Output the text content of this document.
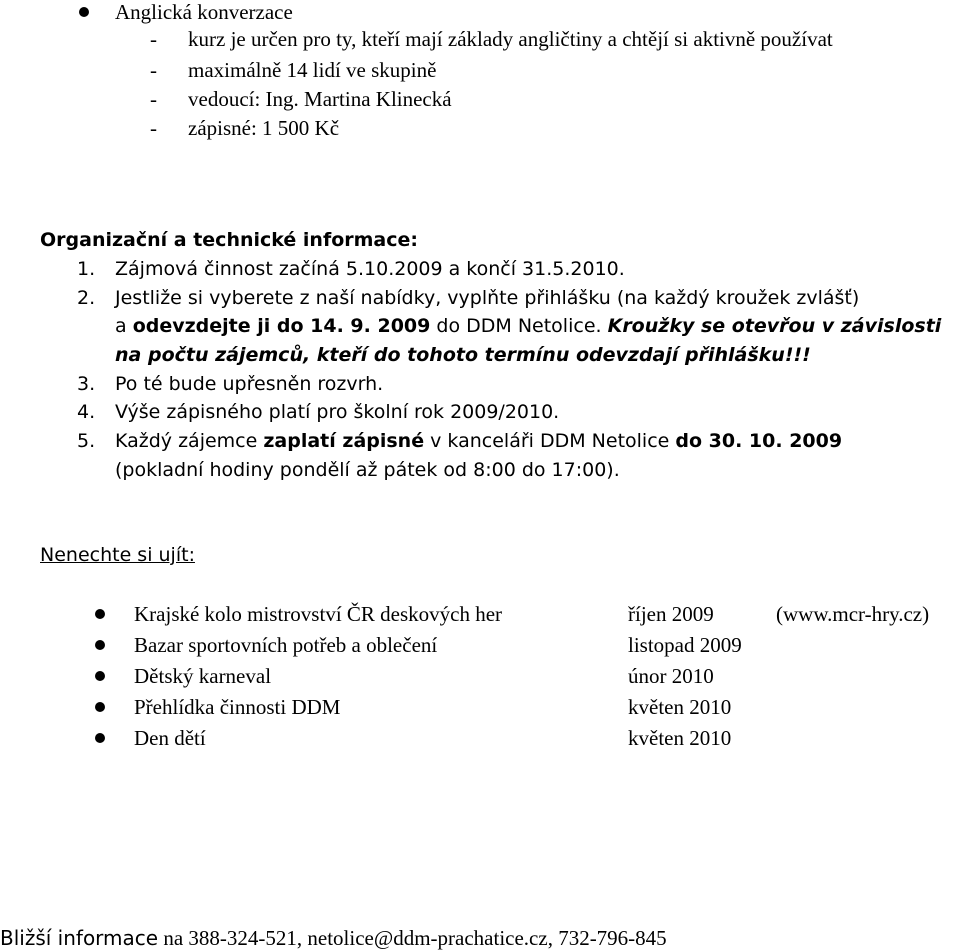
Anglická konverzace
- kurz je určen pro ty, kteří mají základy angličtiny a chtějí si aktivně používat
- maximálně 14 lidí ve skupině
- vedoucí: Ing. Martina Klinecká
- zápisné: 1 500 Kč
Organizační a technické informace:
1. Zájmová činnost začíná 5.10.2009 a končí 31.5.2010.
2. Jestliže si vyberete z naší nabídky, vyplňte přihlášku (na každý kroužek zvlášť)
a odevzdejte ji do 14. 9. 2009 do DDM Netolice. Kroužky se otevřou v závislosti
na počtu zájemců, kteří do tohoto termínu odevzdají přihlášku!!!
3. Po té bude upřesněn rozvrh.
4. Výše zápisného platí pro školní rok 2009/2010.
5. Každý zájemce zaplatí zápisné v kanceláři DDM Netolice do 30. 10. 2009
(pokladní hodiny pondělí až pátek od 8:00 do 17:00).
Nenechte si ujít:
Krajské kolo mistrovství ČR deskových her	říjen 2009	(www.mcr-hry.cz)
Bazar sportovních potřeb a oblečení	listopad 2009
Dětský karneval	únor 2010
Přehlídka činnosti DDM	květen 2010
Den dětí	květen 2010
Bližší informace na 388-324-521, netolice@ddm-prachatice.cz, 732-796-845
